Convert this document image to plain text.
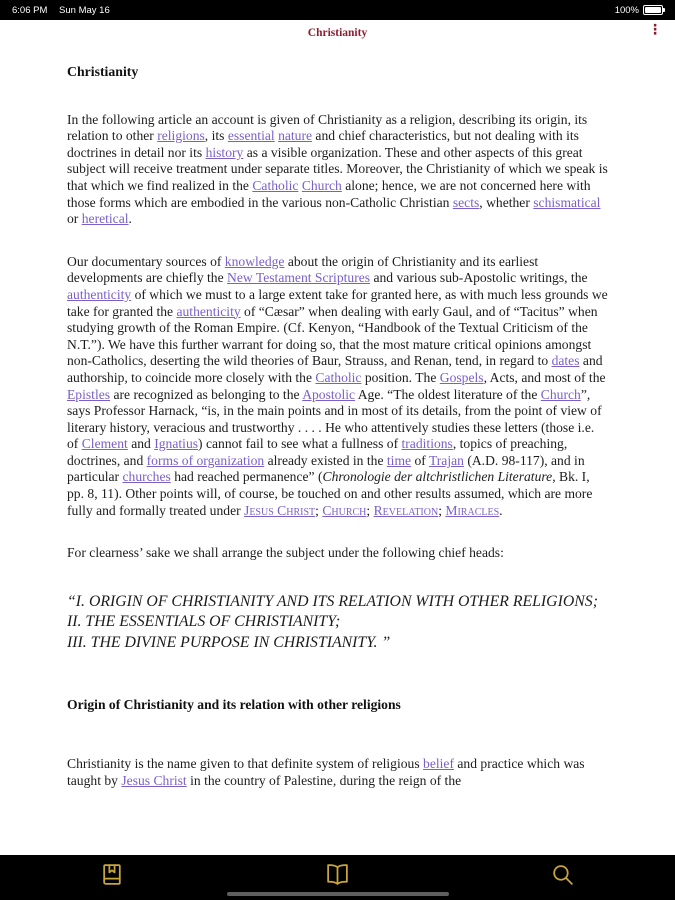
6:06 PM Sun May 16	100%
Christianity	⋮
Christianity

In the following article an account is given of Christianity as a religion, describing its origin, its relation to other religions, its essential nature and chief characteristics, but not dealing with its doctrines in detail nor its history as a visible organization. These and other aspects of this great subject will receive treatment under separate titles. Moreover, the Christianity of which we speak is that which we find realized in the Catholic Church alone; hence, we are not concerned here with those forms which are embodied in the various non-Catholic Christian sects, whether schismatical or heretical.

Our documentary sources of knowledge about the origin of Christianity and its earliest developments are chiefly the New Testament Scriptures and various sub-Apostolic writings, the authenticity of which we must to a large extent take for granted here, as with much less grounds we take for granted the authenticity of “Cæsar” when dealing with early Gaul, and of “Tacitus” when studying growth of the Roman Empire. (Cf. Kenyon, “Handbook of the Textual Criticism of the N.T.”). We have this further warrant for doing so, that the most mature critical opinions amongst non-Catholics, deserting the wild theories of Baur, Strauss, and Renan, tend, in regard to dates and authorship, to coincide more closely with the Catholic position. The Gospels, Acts, and most of the Epistles are recognized as belonging to the Apostolic Age. “The oldest literature of the Church”, says Professor Harnack, “is, in the main points and in most of its details, from the point of view of literary history, veracious and trustworthy . . . . He who attentively studies these letters (those i.e. of Clement and Ignatius) cannot fail to see what a fullness of traditions, topics of preaching, doctrines, and forms of organization already existed in the time of Trajan (A.D. 98-117), and in particular churches had reached permanence” (Chronologie der altchristlichen Literature, Bk. I, pp. 8, 11). Other points will, of course, be touched on and other results assumed, which are more fully and formally treated under Jesus Christ; Church; Revelation; Miracles.

For clearness’ sake we shall arrange the subject under the following chief heads:

“I. ORIGIN OF CHRISTIANITY AND ITS RELATION WITH OTHER RELIGIONS;
II. THE ESSENTIALS OF CHRISTIANITY;
III. THE DIVINE PURPOSE IN CHRISTIANITY. ”
Origin of Christianity and its relation with other religions

Christianity is the name given to that definite system of religious belief and practice which was taught by Jesus Christ in the country of Palestine, during the reign of the
